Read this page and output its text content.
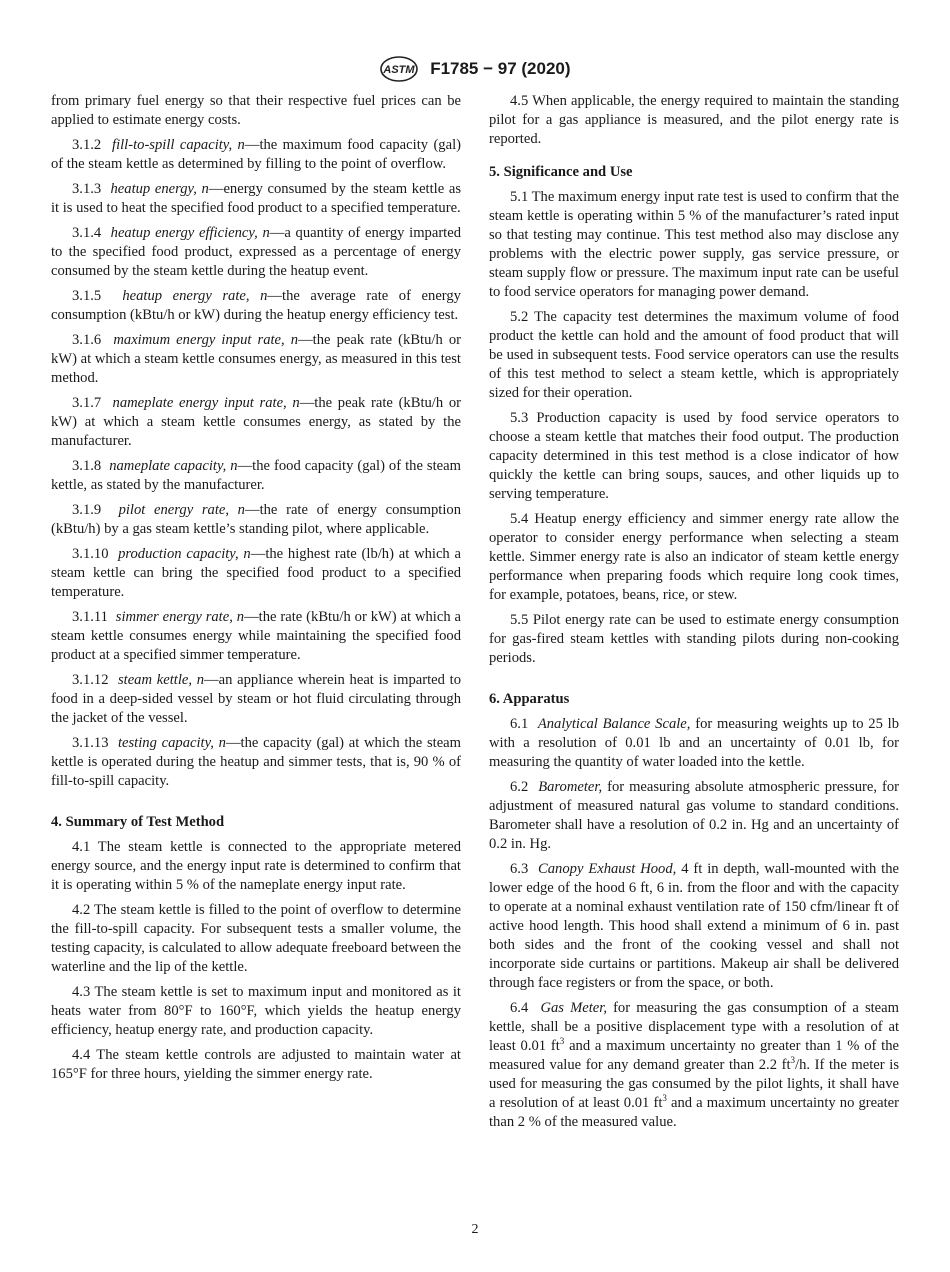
ASTM F1785 − 97 (2020)

from primary fuel energy so that their respective fuel prices can be applied to estimate energy costs.

3.1.2 fill-to-spill capacity, n—the maximum food capacity (gal) of the steam kettle as determined by filling to the point of overflow.

3.1.3 heatup energy, n—energy consumed by the steam kettle as it is used to heat the specified food product to a specified temperature.

3.1.4 heatup energy efficiency, n—a quantity of energy imparted to the specified food product, expressed as a percentage of energy consumed by the steam kettle during the heatup event.

3.1.5 heatup energy rate, n—the average rate of energy consumption (kBtu/h or kW) during the heatup energy efficiency test.

3.1.6 maximum energy input rate, n—the peak rate (kBtu/h or kW) at which a steam kettle consumes energy, as measured in this test method.

3.1.7 nameplate energy input rate, n—the peak rate (kBtu/h or kW) at which a steam kettle consumes energy, as stated by the manufacturer.

3.1.8 nameplate capacity, n—the food capacity (gal) of the steam kettle, as stated by the manufacturer.

3.1.9 pilot energy rate, n—the rate of energy consumption (kBtu/h) by a gas steam kettle’s standing pilot, where applicable.

3.1.10 production capacity, n—the highest rate (lb/h) at which a steam kettle can bring the specified food product to a specified temperature.

3.1.11 simmer energy rate, n—the rate (kBtu/h or kW) at which a steam kettle consumes energy while maintaining the specified food product at a specified simmer temperature.

3.1.12 steam kettle, n—an appliance wherein heat is imparted to food in a deep-sided vessel by steam or hot fluid circulating through the jacket of the vessel.

3.1.13 testing capacity, n—the capacity (gal) at which the steam kettle is operated during the heatup and simmer tests, that is, 90 % of fill-to-spill capacity.

4. Summary of Test Method

4.1 The steam kettle is connected to the appropriate metered energy source, and the energy input rate is determined to confirm that it is operating within 5 % of the nameplate energy input rate.

4.2 The steam kettle is filled to the point of overflow to determine the fill-to-spill capacity. For subsequent tests a smaller volume, the testing capacity, is calculated to allow adequate freeboard between the waterline and the lip of the kettle.

4.3 The steam kettle is set to maximum input and monitored as it heats water from 80°F to 160°F, which yields the heatup energy efficiency, heatup energy rate, and production capacity.

4.4 The steam kettle controls are adjusted to maintain water at 165°F for three hours, yielding the simmer energy rate.

4.5 When applicable, the energy required to maintain the standing pilot for a gas appliance is measured, and the pilot energy rate is reported.

5. Significance and Use

5.1 The maximum energy input rate test is used to confirm that the steam kettle is operating within 5 % of the manufacturer’s rated input so that testing may continue. This test method also may disclose any problems with the electric power supply, gas service pressure, or steam supply flow or pressure. The maximum input rate can be useful to food service operators for managing power demand.

5.2 The capacity test determines the maximum volume of food product the kettle can hold and the amount of food product that will be used in subsequent tests. Food service operators can use the results of this test method to select a steam kettle, which is appropriately sized for their operation.

5.3 Production capacity is used by food service operators to choose a steam kettle that matches their food output. The production capacity determined in this test method is a close indicator of how quickly the kettle can bring soups, sauces, and other liquids up to serving temperature.

5.4 Heatup energy efficiency and simmer energy rate allow the operator to consider energy performance when selecting a steam kettle. Simmer energy rate is also an indicator of steam kettle energy performance when preparing foods which require long cook times, for example, potatoes, beans, rice, or stew.

5.5 Pilot energy rate can be used to estimate energy consumption for gas-fired steam kettles with standing pilots during non-cooking periods.

6. Apparatus

6.1 Analytical Balance Scale, for measuring weights up to 25 lb with a resolution of 0.01 lb and an uncertainty of 0.01 lb, for measuring the quantity of water loaded into the kettle.

6.2 Barometer, for measuring absolute atmospheric pressure, for adjustment of measured natural gas volume to standard conditions. Barometer shall have a resolution of 0.2 in. Hg and an uncertainty of 0.2 in. Hg.

6.3 Canopy Exhaust Hood, 4 ft in depth, wall-mounted with the lower edge of the hood 6 ft, 6 in. from the floor and with the capacity to operate at a nominal exhaust ventilation rate of 150 cfm/linear ft of active hood length. This hood shall extend a minimum of 6 in. past both sides and the front of the cooking vessel and shall not incorporate side curtains or partitions. Makeup air shall be delivered through face registers or from the space, or both.

6.4 Gas Meter, for measuring the gas consumption of a steam kettle, shall be a positive displacement type with a resolution of at least 0.01 $ft^3$ and a maximum uncertainty no greater than 1 % of the measured value for any demand greater than 2.2 $ft^3/h$. If the meter is used for measuring the gas consumed by the pilot lights, it shall have a resolution of at least 0.01 $ft^3$ and a maximum uncertainty no greater than 2 % of the measured value.

2
